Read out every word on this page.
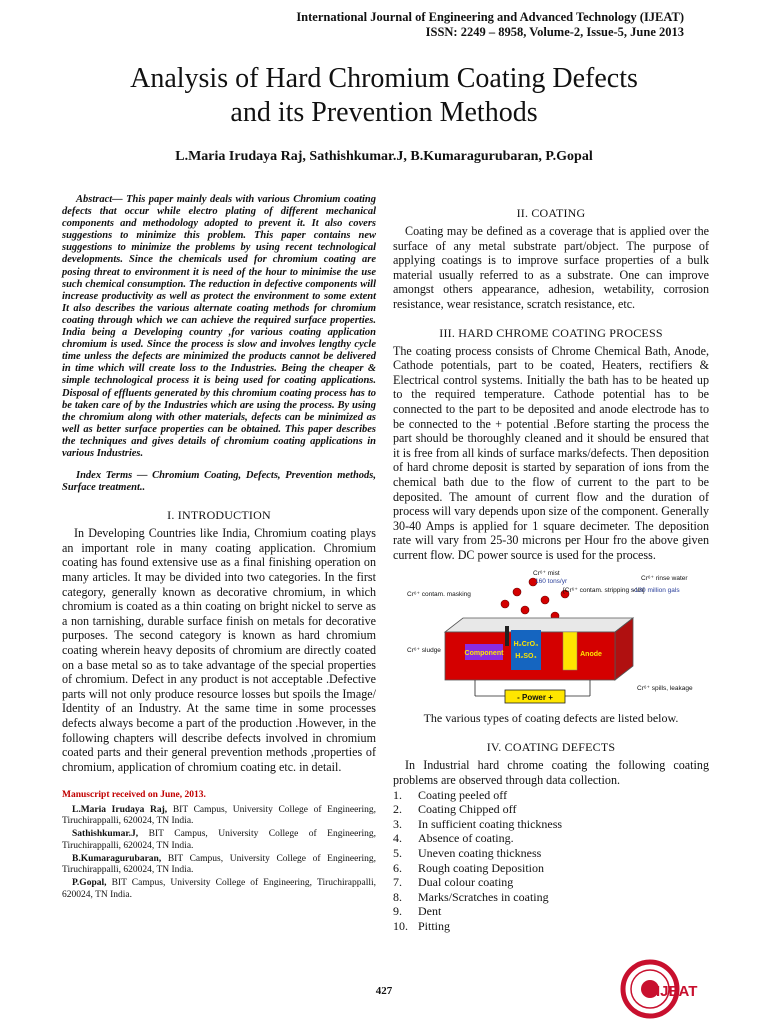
International Journal of Engineering and Advanced Technology (IJEAT)
ISSN: 2249 – 8958, Volume-2, Issue-5, June 2013
Analysis of Hard Chromium Coating Defects
and its Prevention Methods
L.Maria Irudaya Raj, Sathishkumar.J, B.Kumaragurubaran, P.Gopal

Abstract— This paper mainly deals with various Chromium coating defects that occur while electro plating of different mechanical components and methodology adopted to prevent it. It also covers suggestions to minimize this problem. This paper contains new suggestions to minimize the problems by using recent technological developments. Since the chemicals used for chromium coating are posing threat to environment it is need of the hour to minimise the use such chemical consumption. The reduction in defective components will increase productivity as well as protect the environment to some extent It also describes the various alternate coating methods for chromium coating through which we can achieve the required surface properties. India being a Developing country ,for various coating application chromium is used. Since the process is slow and involves lengthy cycle time unless the defects are minimized the products cannot be delivered in time which will create loss to the Industries. Being the cheaper & simple technological process it is being used for coating applications. Disposal of effluents generated by this chromium coating process has to be taken care of by the Industries which are using the process. By using the chromium along with other materials, defects can be minimized as well as better surface properties can be obtained. This paper describes the techniques and gives details of chromium coating applications in various Industries.

Index Terms — Chromium Coating, Defects, Prevention methods, Surface treatment..

I. INTRODUCTION

In Developing Countries like India, Chromium coating plays an important role in many coating application. Chromium coating has found extensive use as a final finishing operation on many articles. It may be divided into two categories. In the first category, generally known as decorative chromium, in which chromium is coated as a thin coating on bright nickel to serve as a non tarnishing, durable surface finish on metals for decorative purposes. The second category is known as hard chromium coating wherein heavy deposits of chromium are directly coated on a base metal so as to take advantage of the special properties of chromium. Defect in any product is not acceptable .Defective parts will not only produce resource losses but spoils the Image/ Identity of an Industry. At the same time in some processes defects always become a part of the production .However, in the following chapters will describe defects involved in chromium coated parts and their general prevention methods ,properties of chromium, application of chromium coating etc. in detail.

Manuscript received on June, 2013.

L.Maria Irudaya Raj, BIT Campus, University College of Engineering, Tiruchirappalli, 620024, TN India.

Sathishkumar.J, BIT Campus, University College of Engineering, Tiruchirappalli, 620024, TN India.

B.Kumaragurubaran, BIT Campus, University College of Engineering, Tiruchirappalli, 620024, TN India.

P.Gopal, BIT Campus, University College of Engineering, Tiruchirappalli, 620024, TN India.

II. COATING

Coating may be defined as a coverage that is applied over the surface of any metal substrate part/object. The purpose of applying coatings is to improve surface properties of a bulk material usually referred to as a substrate. One can improve amongst others appearance, adhesion, wetability, corrosion resistance, wear resistance, scratch resistance, etc.

III. HARD CHROME COATING PROCESS

The coating process consists of Chrome Chemical Bath, Anode, Cathode potentials, part to be coated, Heaters, rectifiers & Electrical control systems. Initially the bath has to be heated up to the required temperature. Cathode potential has to be connected to the part to be deposited and anode electrode has to be connected to the + potential .Before starting the process the part should be thoroughly cleaned and it should be ensured that it is free from all kinds of surface marks/defects. Then deposition of hard chrome deposit is started by separation of ions from the chemical bath due to the flow of current to the part to be deposited. The amount of current flow and the duration of process will vary depends upon size of the component. Generally 30-40 Amps is applied for 1 square decimeter. The deposition rate will vary from 25-30 microns per Hour fro the above given current flow. DC power source is used for the process.

Component
H₂CrO₄
H₂SO₄	Anode
- Power +
Cr⁶⁺ mist
160 tons/yr
Cr⁶⁺ contam. masking
[Cr⁶⁺ contam. stripping soln]
Cr⁶⁺ rinse water
~130 million gals
Cr⁶⁺ sludge
Cr⁶⁺ spills, leakage
The various types of coating defects are listed below.
IV. COATING DEFECTS

In Industrial hard chrome coating the following coating problems are observed through data collection.

1.	Coating peeled off
2.	Coating Chipped off
3.	In sufficient coating thickness
4.	Absence of coating.
5.	Uneven coating thickness
6.	Rough coating Deposition
7.	Dual colour coating
8.	Marks/Scratches in coating
9.	Dent
10. Pitting
427	IJEAT
